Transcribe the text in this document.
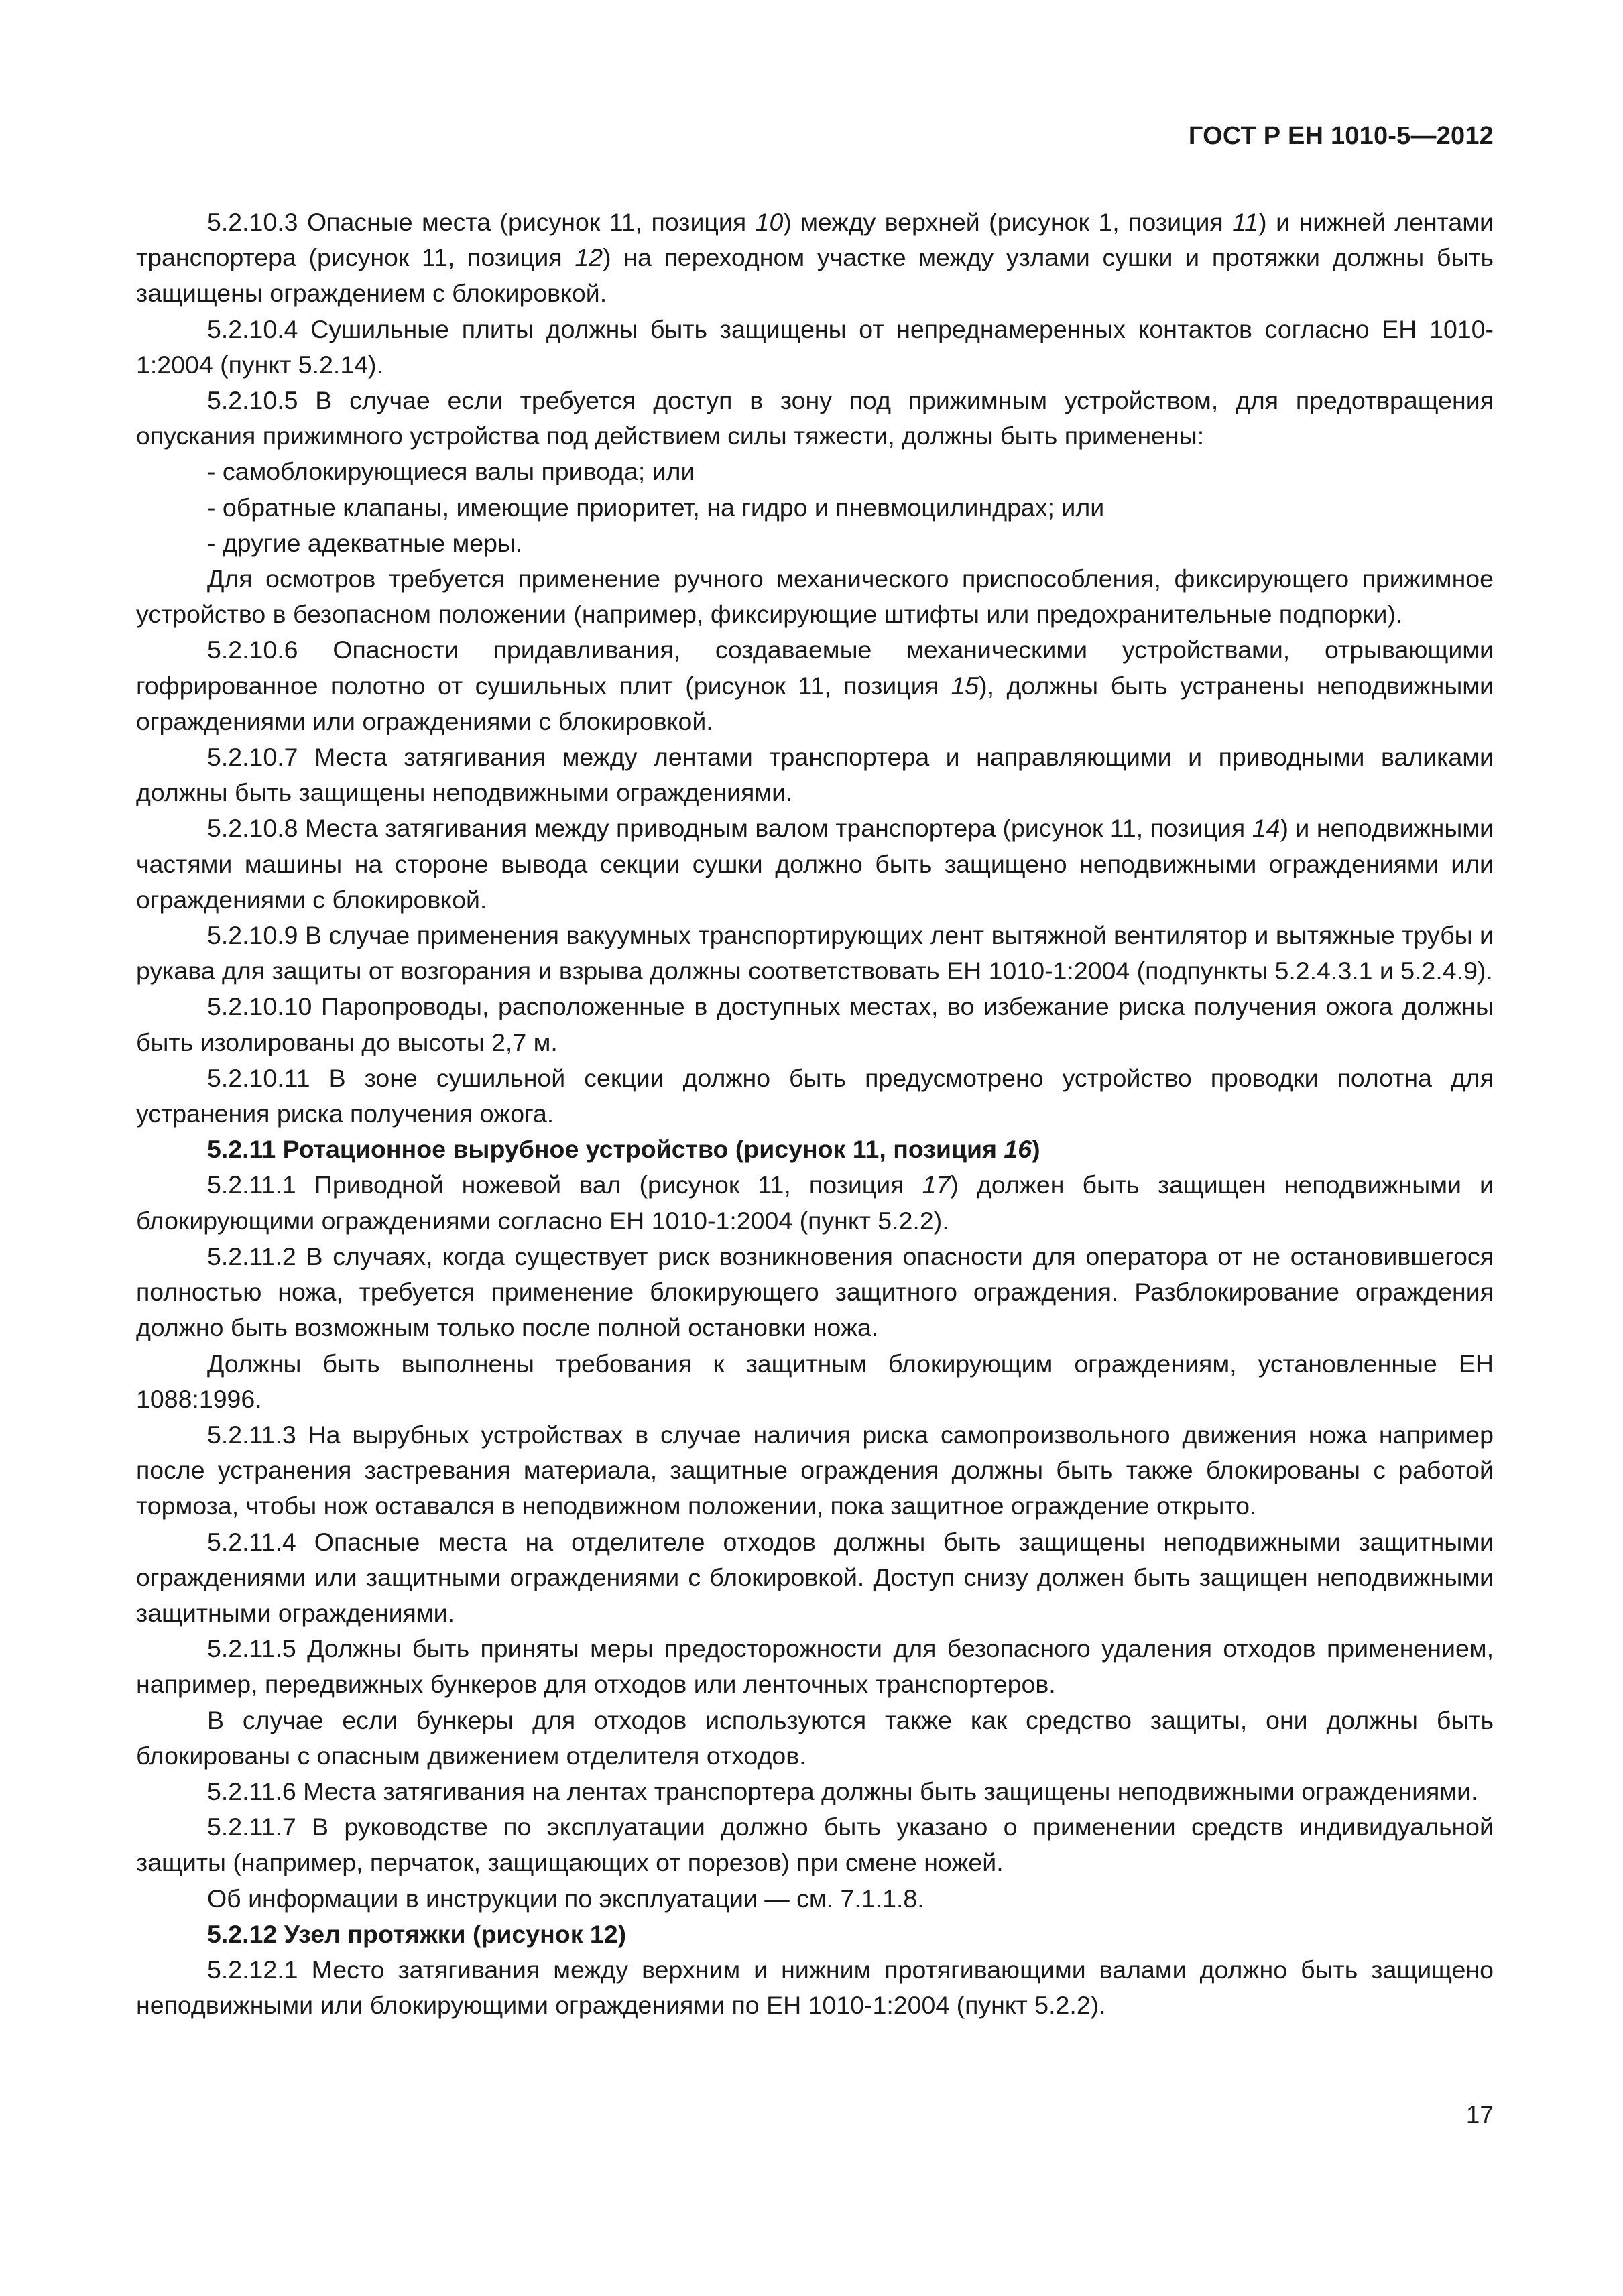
ГОСТ Р ЕН 1010-5—2012

5.2.10.3 Опасные места (рисунок 11, позиция 10) между верхней (рисунок 1, позиция 11) и нижней лентами транспортера (рисунок 11, позиция 12) на переходном участке между узлами сушки и протяжки должны быть защищены ограждением с блокировкой.

5.2.10.4 Сушильные плиты должны быть защищены от непреднамеренных контактов согласно ЕН 1010-1:2004 (пункт 5.2.14).

5.2.10.5 В случае если требуется доступ в зону под прижимным устройством, для предотвращения опускания прижимного устройства под действием силы тяжести, должны быть применены:

- самоблокирующиеся валы привода; или

- обратные клапаны, имеющие приоритет, на гидро и пневмоцилиндрах; или

- другие адекватные меры.

Для осмотров требуется применение ручного механического приспособления, фиксирующего прижимное устройство в безопасном положении (например, фиксирующие штифты или предохранительные подпорки).

5.2.10.6 Опасности придавливания, создаваемые механическими устройствами, отрывающими гофрированное полотно от сушильных плит (рисунок 11, позиция 15), должны быть устранены неподвижными ограждениями или ограждениями с блокировкой.

5.2.10.7 Места затягивания между лентами транспортера и направляющими и приводными валиками должны быть защищены неподвижными ограждениями.

5.2.10.8 Места затягивания между приводным валом транспортера (рисунок 11, позиция 14) и неподвижными частями машины на стороне вывода секции сушки должно быть защищено неподвижными ограждениями или ограждениями с блокировкой.

5.2.10.9 В случае применения вакуумных транспортирующих лент вытяжной вентилятор и вытяжные трубы и рукава для защиты от возгорания и взрыва должны соответствовать ЕН 1010-1:2004 (подпункты 5.2.4.3.1 и 5.2.4.9).

5.2.10.10 Паропроводы, расположенные в доступных местах, во избежание риска получения ожога должны быть изолированы до высоты 2,7 м.

5.2.10.11 В зоне сушильной секции должно быть предусмотрено устройство проводки полотна для устранения риска получения ожога.

5.2.11 Ротационное вырубное устройство (рисунок 11, позиция 16)

5.2.11.1 Приводной ножевой вал (рисунок 11, позиция 17) должен быть защищен неподвижными и блокирующими ограждениями согласно ЕН 1010-1:2004 (пункт 5.2.2).

5.2.11.2 В случаях, когда существует риск возникновения опасности для оператора от не остановившегося полностью ножа, требуется применение блокирующего защитного ограждения. Разблокирование ограждения должно быть возможным только после полной остановки ножа.

Должны быть выполнены требования к защитным блокирующим ограждениям, установленные ЕН 1088:1996.

5.2.11.3 На вырубных устройствах в случае наличия риска самопроизвольного движения ножа например после устранения застревания материала, защитные ограждения должны быть также блокированы с работой тормоза, чтобы нож оставался в неподвижном положении, пока защитное ограждение открыто.

5.2.11.4 Опасные места на отделителе отходов должны быть защищены неподвижными защитными ограждениями или защитными ограждениями с блокировкой. Доступ снизу должен быть защищен неподвижными защитными ограждениями.

5.2.11.5 Должны быть приняты меры предосторожности для безопасного удаления отходов применением, например, передвижных бункеров для отходов или ленточных транспортеров.

В случае если бункеры для отходов используются также как средство защиты, они должны быть блокированы с опасным движением отделителя отходов.

5.2.11.6 Места затягивания на лентах транспортера должны быть защищены неподвижными ограждениями.

5.2.11.7 В руководстве по эксплуатации должно быть указано о применении средств индивидуальной защиты (например, перчаток, защищающих от порезов) при смене ножей.

Об информации в инструкции по эксплуатации — см. 7.1.1.8.

5.2.12 Узел протяжки (рисунок 12)

5.2.12.1 Место затягивания между верхним и нижним протягивающими валами должно быть защищено неподвижными или блокирующими ограждениями по ЕН 1010-1:2004 (пункт 5.2.2).

17
